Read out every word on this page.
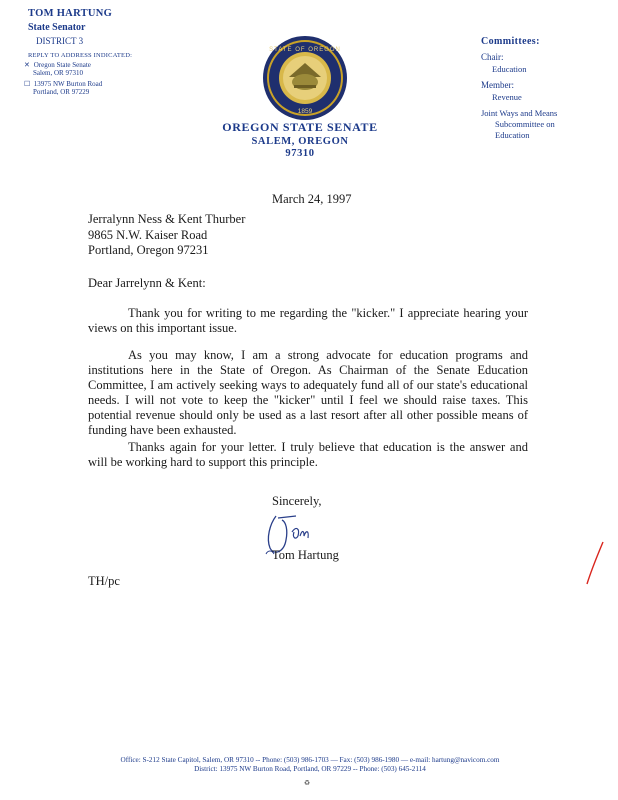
TOM HARTUNG
State Senator
DISTRICT 3
REPLY TO ADDRESS INDICATED:
✕ Oregon State Senate
Salem, OR 97310
☐ 13975 NW Burton Road
Portland, OR 97229
STATE OF OREGON
1859
OREGON STATE SENATE
SALEM, OREGON
97310
Committees:
Chair:
Education
Member:
Revenue
Joint Ways and Means
Subcommittee on
Education
March 24, 1997
Jerralynn Ness & Kent Thurber
9865 N.W. Kaiser Road
Portland, Oregon 97231
Dear Jarrelynn & Kent:
Thank you for writing to me regarding the "kicker." I appreciate hearing your views on this important issue.
As you may know, I am a strong advocate for education programs and institutions here in the State of Oregon. As Chairman of the Senate Education Committee, I am actively seeking ways to adequately fund all of our state's educational needs. I will not vote to keep the "kicker" until I feel we should raise taxes. This potential revenue should only be used as a last resort after all other possible means of funding have been exhausted.
Thanks again for your letter. I truly believe that education is the answer and will be working hard to support this principle.
Sincerely,
Tom Hartung
TH/pc
Office: S-212 State Capitol, Salem, OR 97310 -- Phone: (503) 986-1703 — Fax: (503) 986-1980 — e-mail: hartung@navicom.com
District: 13975 NW Burton Road, Portland, OR 97229 -- Phone: (503) 645-2114
♻
